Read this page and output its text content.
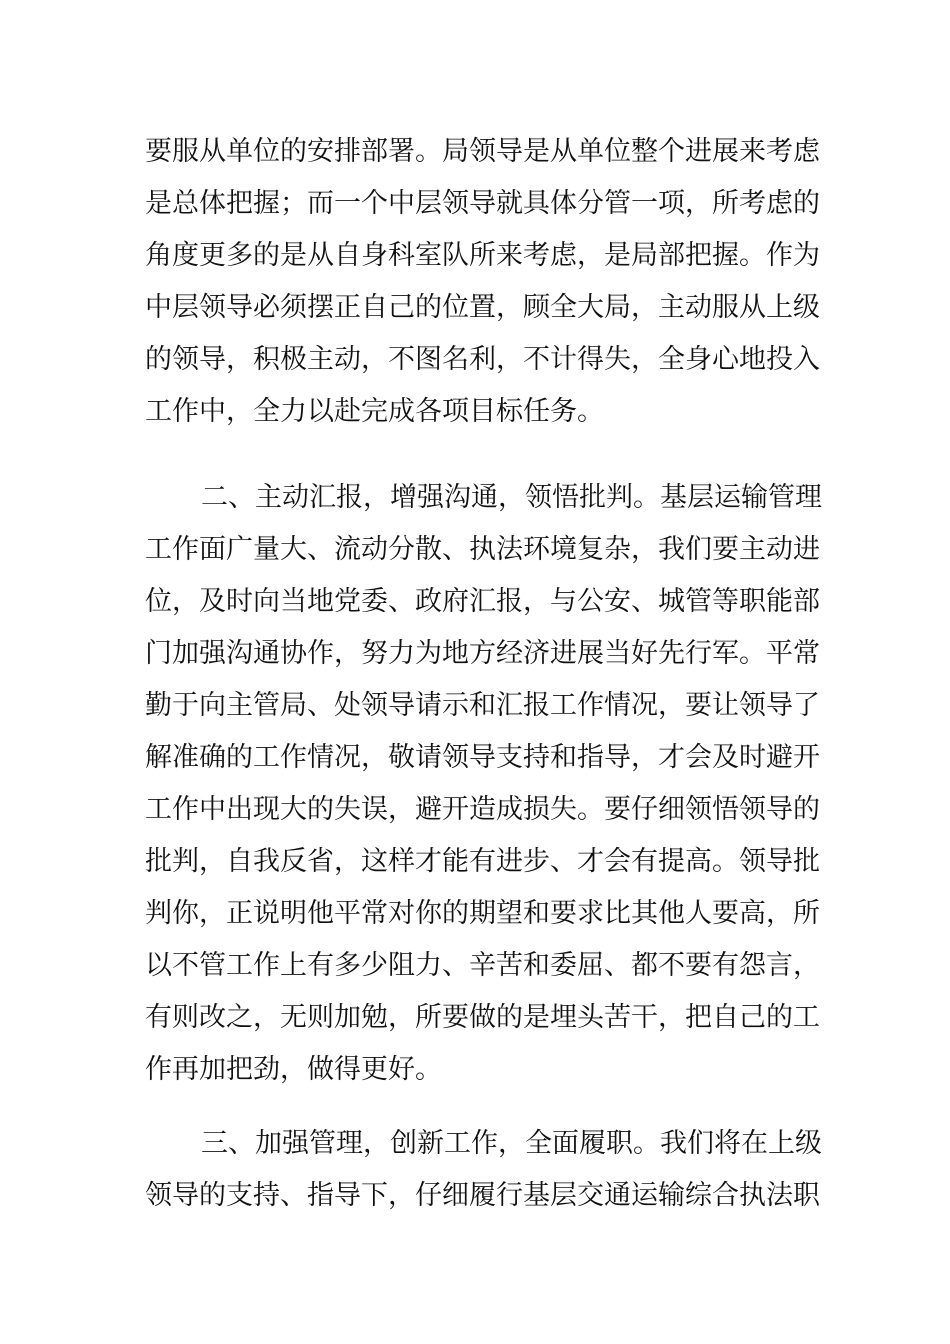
要服从单位的安排部署。局领导是从单位整个进展来考虑
是总体把握；而一个中层领导就具体分管一项，所考虑的
角度更多的是从自身科室队所来考虑，是局部把握。作为
中层领导必须摆正自己的位置，顾全大局，主动服从上级
的领导，积极主动，不图名利，不计得失，全身心地投入
工作中，全力以赴完成各项目标任务。
二、主动汇报，增强沟通，领悟批判。基层运输管理
工作面广量大、流动分散、执法环境复杂，我们要主动进
位，及时向当地党委、政府汇报，与公安、城管等职能部
门加强沟通协作，努力为地方经济进展当好先行军。平常
勤于向主管局、处领导请示和汇报工作情况，要让领导了
解准确的工作情况，敬请领导支持和指导，才会及时避开
工作中出现大的失误，避开造成损失。要仔细领悟领导的
批判，自我反省，这样才能有进步、才会有提高。领导批
判你，正说明他平常对你的期望和要求比其他人要高，所
以不管工作上有多少阻力、辛苦和委屈、都不要有怨言，
有则改之，无则加勉，所要做的是埋头苦干，把自己的工
作再加把劲，做得更好。
三、加强管理，创新工作，全面履职。我们将在上级
领导的支持、指导下，仔细履行基层交通运输综合执法职
